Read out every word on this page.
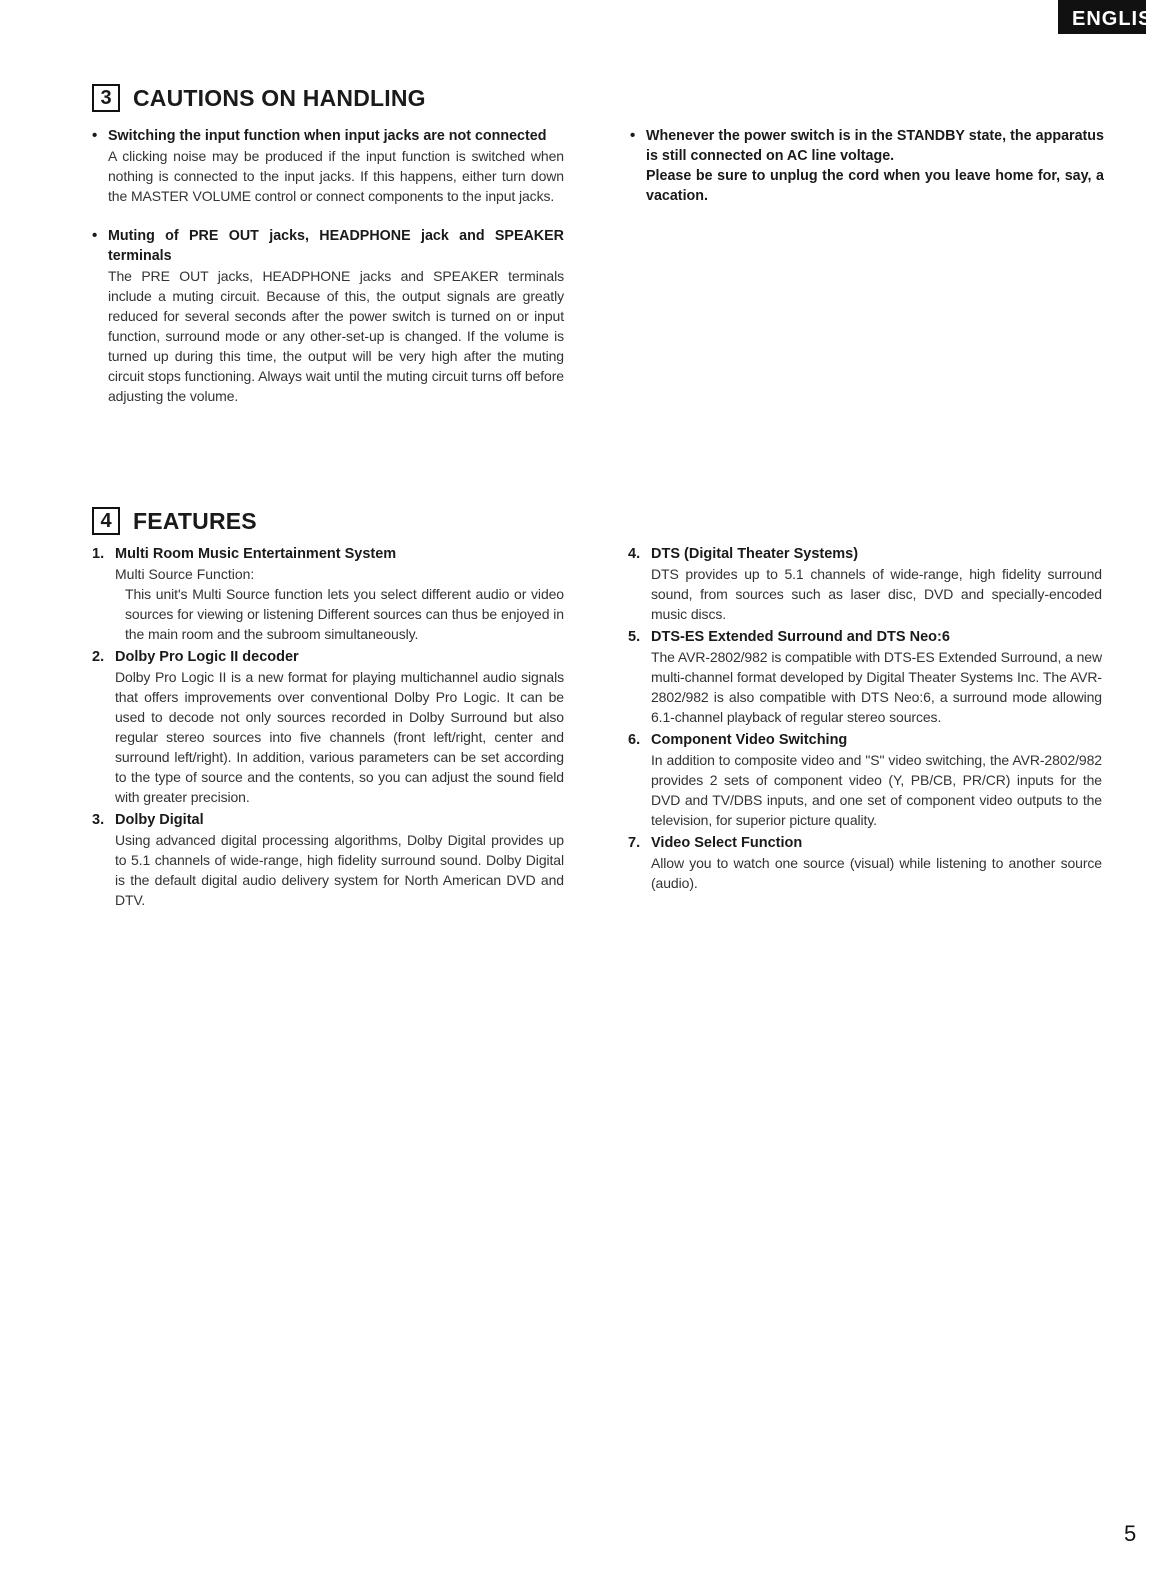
ENGLISH
3 CAUTIONS ON HANDLING
• Switching the input function when input jacks are not connected
A clicking noise may be produced if the input function is switched when nothing is connected to the input jacks. If this happens, either turn down the MASTER VOLUME control or connect components to the input jacks.
• Muting of PRE OUT jacks, HEADPHONE jack and SPEAKER terminals
The PRE OUT jacks, HEADPHONE jacks and SPEAKER terminals include a muting circuit. Because of this, the output signals are greatly reduced for several seconds after the power switch is turned on or input function, surround mode or any other-set-up is changed. If the volume is turned up during this time, the output will be very high after the muting circuit stops functioning. Always wait until the muting circuit turns off before adjusting the volume.
• Whenever the power switch is in the STANDBY state, the apparatus is still connected on AC line voltage.
Please be sure to unplug the cord when you leave home for, say, a vacation.
4 FEATURES
1. Multi Room Music Entertainment System
Multi Source Function:
This unit's Multi Source function lets you select different audio or video sources for viewing or listening Different sources can thus be enjoyed in the main room and the subroom simultaneously.
2. Dolby Pro Logic II decoder
Dolby Pro Logic II is a new format for playing multichannel audio signals that offers improvements over conventional Dolby Pro Logic. It can be used to decode not only sources recorded in Dolby Surround but also regular stereo sources into five channels (front left/right, center and surround left/right). In addition, various parameters can be set according to the type of source and the contents, so you can adjust the sound field with greater precision.
3. Dolby Digital
Using advanced digital processing algorithms, Dolby Digital provides up to 5.1 channels of wide-range, high fidelity surround sound. Dolby Digital is the default digital audio delivery system for North American DVD and DTV.
4. DTS (Digital Theater Systems)
DTS provides up to 5.1 channels of wide-range, high fidelity surround sound, from sources such as laser disc, DVD and specially-encoded music discs.
5. DTS-ES Extended Surround and DTS Neo:6
The AVR-2802/982 is compatible with DTS-ES Extended Surround, a new multi-channel format developed by Digital Theater Systems Inc. The AVR-2802/982 is also compatible with DTS Neo:6, a surround mode allowing 6.1-channel playback of regular stereo sources.
6. Component Video Switching
In addition to composite video and "S" video switching, the AVR-2802/982 provides 2 sets of component video (Y, PB/CB, PR/CR) inputs for the DVD and TV/DBS inputs, and one set of component video outputs to the television, for superior picture quality.
7. Video Select Function
Allow you to watch one source (visual) while listening to another source (audio).
5
